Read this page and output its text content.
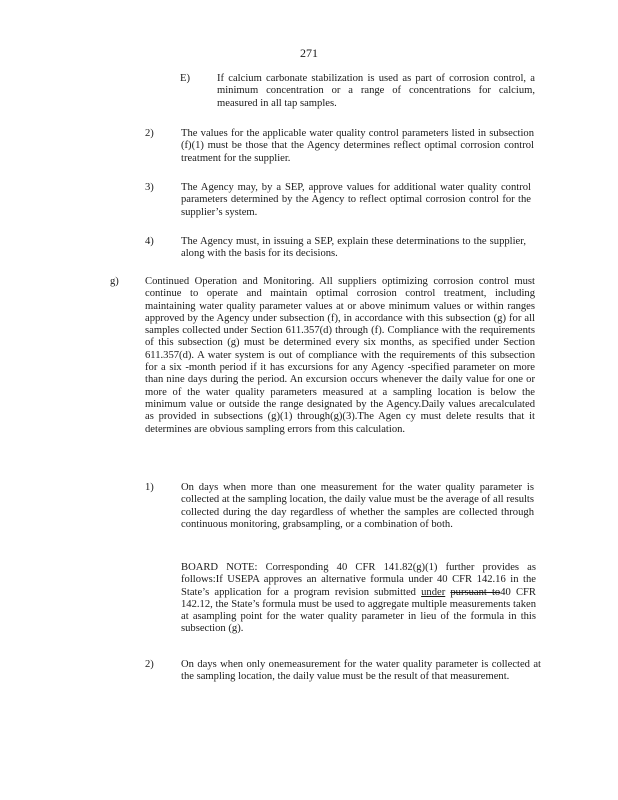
271
E)	If calcium carbonate stabilization is used as part of corrosion control, a minimum concentration or a range of concentrations for calcium, measured in all tap samples.
2)	The values for the applicable water quality control parameters listed in subsection (f)(1) must be those that the Agency determines reflect optimal corrosion control treatment for the supplier.
3)	The Agency may, by a SEP, approve values for additional water quality control parameters determined by the Agency to reflect optimal corrosion control for the supplier’s system.
4)	The Agency must, in issuing a SEP, explain these determinations to the supplier, along with the basis for its decisions.
g) Continued Operation and Monitoring. All suppliers optimizing corrosion control must continue to operate and maintain optimal corrosion control treatment, including maintaining water quality parameter values at or above minimum values or within ranges approved by the Agency under subsection (f), in accordance with this subsection (g) for all samples collected under Section 611.357(d) through (f). Compliance with the requirements of this subsection (g) must be determined every six months, as specified under Section 611.357(d). A water system is out of compliance with the requirements of this subsection for a six -month period if it has excursions for any Agency -specified parameter on more than nine days during the period. An excursion occurs whenever the daily value for one or more of the water quality parameters measured at a sampling location is below the minimum value or outside the range designated by the Agency.Daily values arecalculated as provided in subsections (g)(1) through(g)(3).The Agen cy must delete results that it determines are obvious sampling errors from this calculation.
1)	On days when more than one measurement for the water quality parameter is collected at the sampling location, the daily value must be the average of all results collected during the day regardless of whether the samples are collected through continuous monitoring, grabsampling, or a combination of both.
BOARD NOTE: Corresponding 40 CFR 141.82(g)(1) further provides as follows:If USEPA approves an alternative formula under 40 CFR 142.16 in the State’s application for a program revision submitted under pursuant to40 CFR 142.12, the State’s formula must be used to aggregate multiple measurements taken at asampling point for the water quality parameter in lieu of the formula in this subsection (g).
2)	On days when only onemeasurement for the water quality parameter is collected at the sampling location, the daily value must be the result of that measurement.
